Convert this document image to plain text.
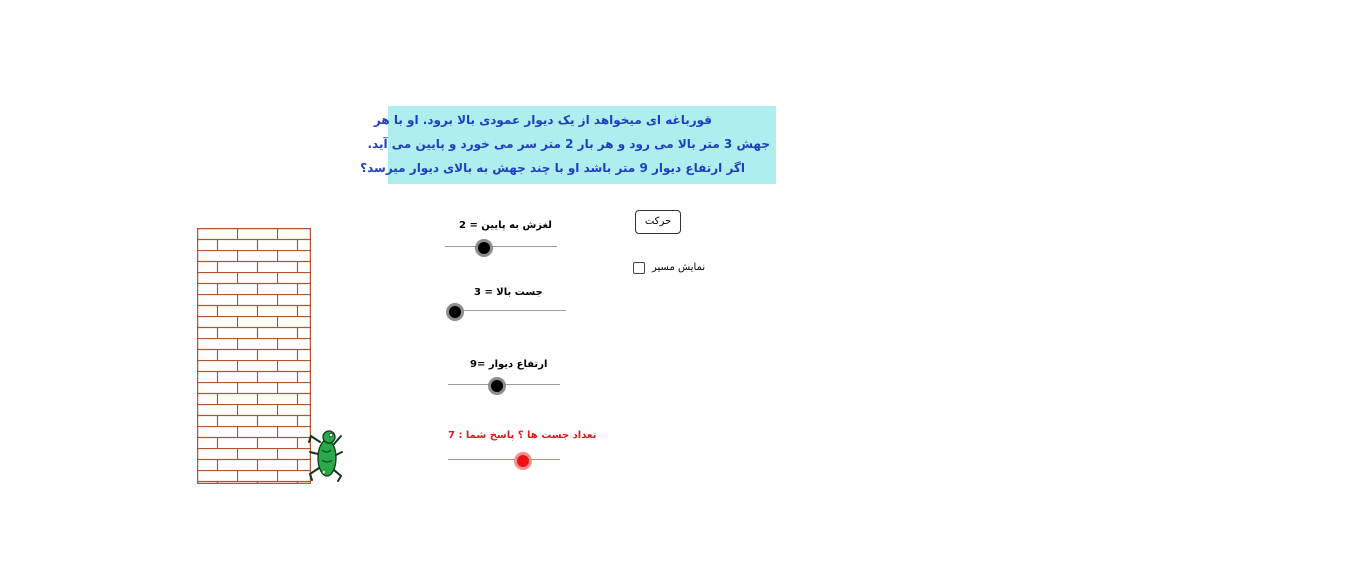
قورباغه ای میخواهد از یک دیوار عمودی بالا برود. او با هر
جهش 3 متر بالا می رود و هر بار 2 متر سر می خورد و پایین می آید.
اگر ارتفاع دیوار 9 متر باشد او با چند جهش به بالای دیوار میرسد؟
لغزش به پایین = 2
جست بالا = 3
ارتفاع دیوار =9
تعداد جست ها ؟ پاسخ شما : 7
حرکت
نمایش مسیر
